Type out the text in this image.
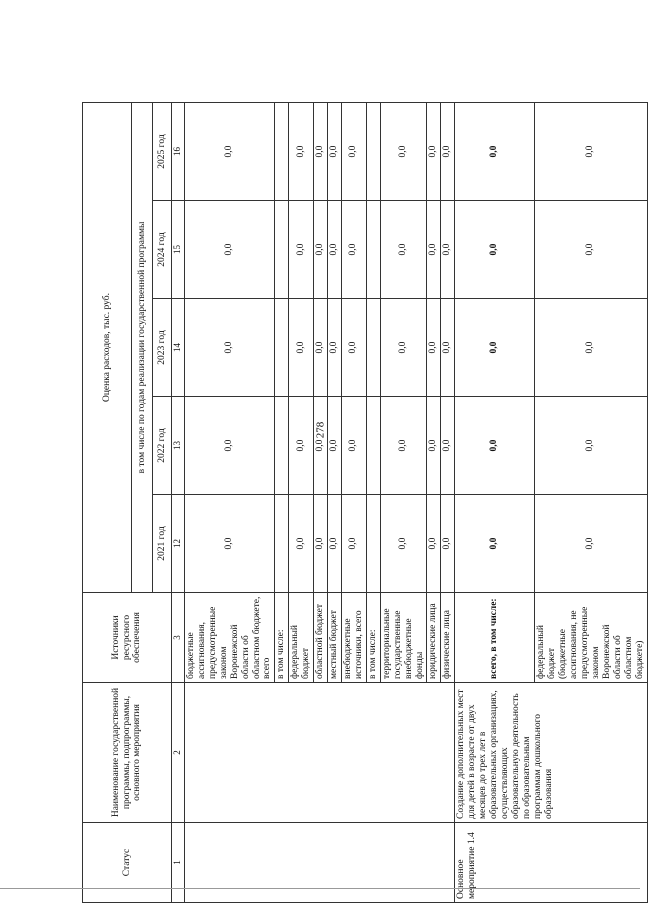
278
Статус	Наименование государственной программы, подпрограммы, основного мероприятия	Источники ресурсного обеспечения	Оценка расходов, тыс. руб.				
			в том числе по годам реализации государственной программы				
			2021 год	2022 год	2023 год	2024 год	2025 год
1	2	3	12	13	14	15	16
		бюджетные ассигнования, предусмотренные законом Воронежской области об областном бюджете, всего	0,0	0,0	0,0	0,0	0,0
		в том числе:					
		федеральный бюджет	0,0	0,0	0,0	0,0	0,0
		областной бюджет	0,0	0,0	0,0	0,0	0,0
		местный бюджет	0,0	0,0	0,0	0,0	0,0
		внебюджетные источники, всего	0,0	0,0	0,0	0,0	0,0
		в том числе:					
		территориальные государственные внебюджетные фонды	0,0	0,0	0,0	0,0	0,0
		юридические лица	0,0	0,0	0,0	0,0	0,0
		физические лица	0,0	0,0	0,0	0,0	0,0
Основное мероприятие 1.4	Создание дополнительных мест для детей в возрасте от двух месяцев до трех лет в образовательных организациях, осуществляющих образовательную деятельность по образовательным программам дошкольного образования	всего, в том числе:	0,0	0,0	0,0	0,0	0,0
		федеральный бюджет (бюджетные ассигнования, не предусмотренные законом Воронежской области об областном бюджете)	0,0	0,0	0,0	0,0	0,0
